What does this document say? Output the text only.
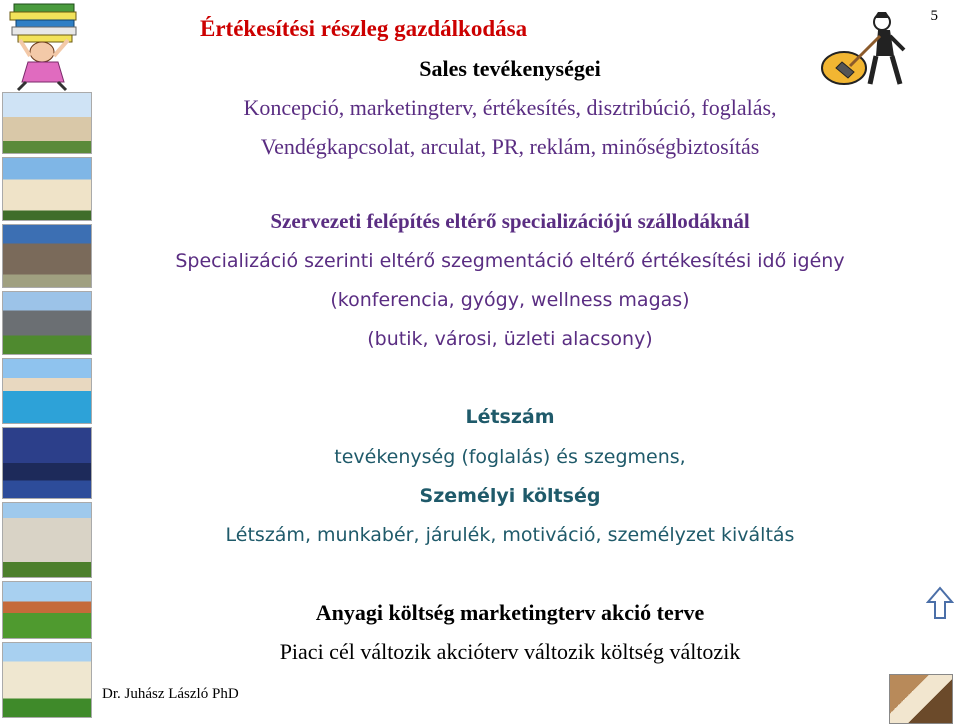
5
Értékesítési részleg gazdálkodása
Sales tevékenységei
Koncepció, marketingterv, értékesítés, disztribúció, foglalás,
Vendégkapcsolat, arculat, PR, reklám, minőségbiztosítás
Szervezeti felépítés eltérő specializációjú szállodáknál
Specializáció szerinti eltérő szegmentáció eltérő értékesítési idő igény
(konferencia, gyógy, wellness magas)
(butik, városi, üzleti alacsony)
Létszám
tevékenység (foglalás) és szegmens,
Személyi költség
Létszám, munkabér, járulék, motiváció, személyzet kiváltás
Anyagi költség marketingterv akció terve
Piaci cél változik akcióterv változik költség változik
Dr. Juhász László PhD
